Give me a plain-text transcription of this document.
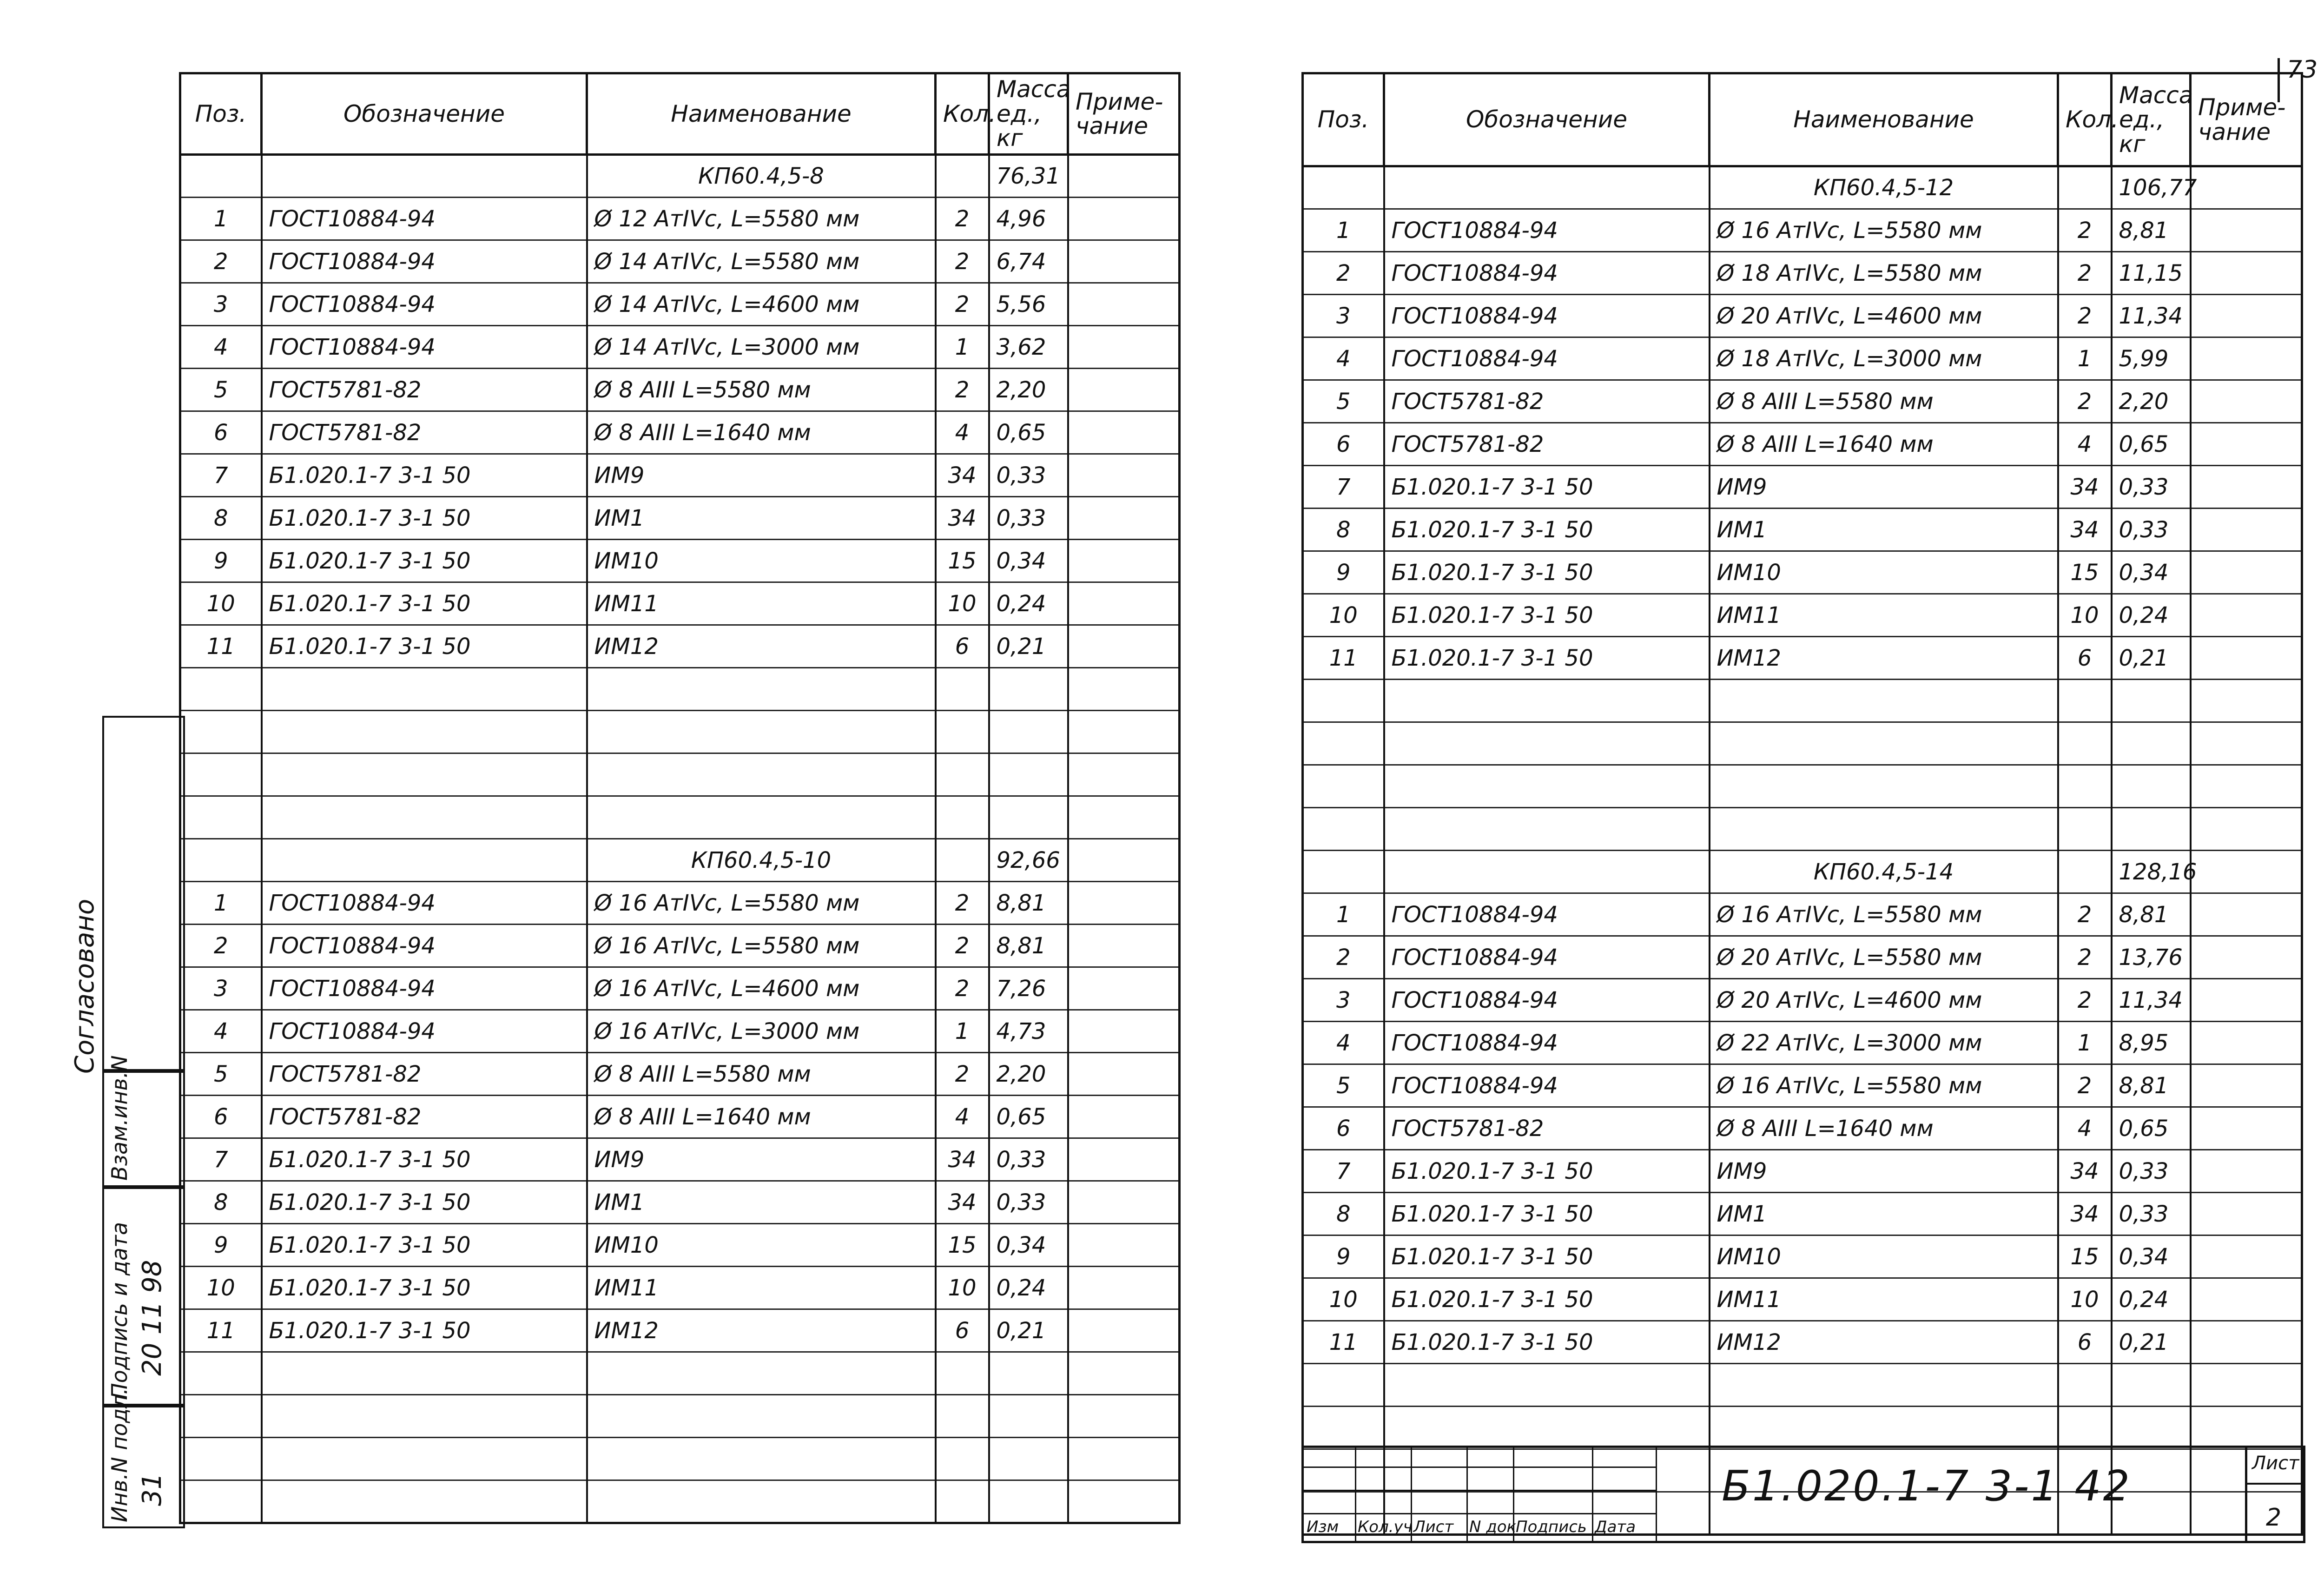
73
Поз.	Обозначение	Наименование	Кол.	Масса ед., кг	Приме- чание
		КП60.4,5-8		76,31	
1	ГОСТ10884-94	Ø 12 AтIVc, L=5580 мм	2	4,96	
2	ГОСТ10884-94	Ø 14 AтIVc, L=5580 мм	2	6,74	
3	ГОСТ10884-94	Ø 14 AтIVc, L=4600 мм	2	5,56	
4	ГОСТ10884-94	Ø 14 AтIVc, L=3000 мм	1	3,62	
5	ГОСТ5781-82	Ø 8 AIII L=5580 мм	2	2,20	
6	ГОСТ5781-82	Ø 8 AIII L=1640 мм	4	0,65	
7	Б1.020.1-7 3-1 50	ИМ9	34	0,33	
8	Б1.020.1-7 3-1 50	ИМ1	34	0,33	
9	Б1.020.1-7 3-1 50	ИМ10	15	0,34	
10	Б1.020.1-7 3-1 50	ИМ11	10	0,24	
11	Б1.020.1-7 3-1 50	ИМ12	6	0,21	

		КП60.4,5-10		92,66	
1	ГОСТ10884-94	Ø 16 AтIVc, L=5580 мм	2	8,81	
2	ГОСТ10884-94	Ø 16 AтIVc, L=5580 мм	2	8,81	
3	ГОСТ10884-94	Ø 16 AтIVc, L=4600 мм	2	7,26	
4	ГОСТ10884-94	Ø 16 AтIVc, L=3000 мм	1	4,73	
5	ГОСТ5781-82	Ø 8 AIII L=5580 мм	2	2,20	
6	ГОСТ5781-82	Ø 8 AIII L=1640 мм	4	0,65	
7	Б1.020.1-7 3-1 50	ИМ9	34	0,33	
8	Б1.020.1-7 3-1 50	ИМ1	34	0,33	
9	Б1.020.1-7 3-1 50	ИМ10	15	0,34	
10	Б1.020.1-7 3-1 50	ИМ11	10	0,24	
11	Б1.020.1-7 3-1 50	ИМ12	6	0,21	

Поз.	Обозначение	Наименование	Кол.	Масса ед., кг	Приме- чание
		КП60.4,5-12		106,77	
1	ГОСТ10884-94	Ø 16 AтIVc, L=5580 мм	2	8,81	
2	ГОСТ10884-94	Ø 18 AтIVc, L=5580 мм	2	11,15	
3	ГОСТ10884-94	Ø 20 AтIVc, L=4600 мм	2	11,34	
4	ГОСТ10884-94	Ø 18 AтIVc, L=3000 мм	1	5,99	
5	ГОСТ5781-82	Ø 8 AIII L=5580 мм	2	2,20	
6	ГОСТ5781-82	Ø 8 AIII L=1640 мм	4	0,65	
7	Б1.020.1-7 3-1 50	ИМ9	34	0,33	
8	Б1.020.1-7 3-1 50	ИМ1	34	0,33	
9	Б1.020.1-7 3-1 50	ИМ10	15	0,34	
10	Б1.020.1-7 3-1 50	ИМ11	10	0,24	
11	Б1.020.1-7 3-1 50	ИМ12	6	0,21	

		КП60.4,5-14		128,16	
1	ГОСТ10884-94	Ø 16 AтIVc, L=5580 мм	2	8,81	
2	ГОСТ10884-94	Ø 20 AтIVc, L=5580 мм	2	13,76	
3	ГОСТ10884-94	Ø 20 AтIVc, L=4600 мм	2	11,34	
4	ГОСТ10884-94	Ø 22 AтIVc, L=3000 мм	1	8,95	
5	ГОСТ10884-94	Ø 16 AтIVc, L=5580 мм	2	8,81	
6	ГОСТ5781-82	Ø 8 AIII L=1640 мм	4	0,65	
7	Б1.020.1-7 3-1 50	ИМ9	34	0,33	
8	Б1.020.1-7 3-1 50	ИМ1	34	0,33	
9	Б1.020.1-7 3-1 50	ИМ10	15	0,34	
10	Б1.020.1-7 3-1 50	ИМ11	10	0,24	
11	Б1.020.1-7 3-1 50	ИМ12	6	0,21	

Согласовано
Взам.инв.N
Подпись и дата 20 11 98
Инв.N подл. 31
Изм Кол.уч Лист N док
Подпись Дата
Б1.020.1-7 3-1 42	Лист
2
